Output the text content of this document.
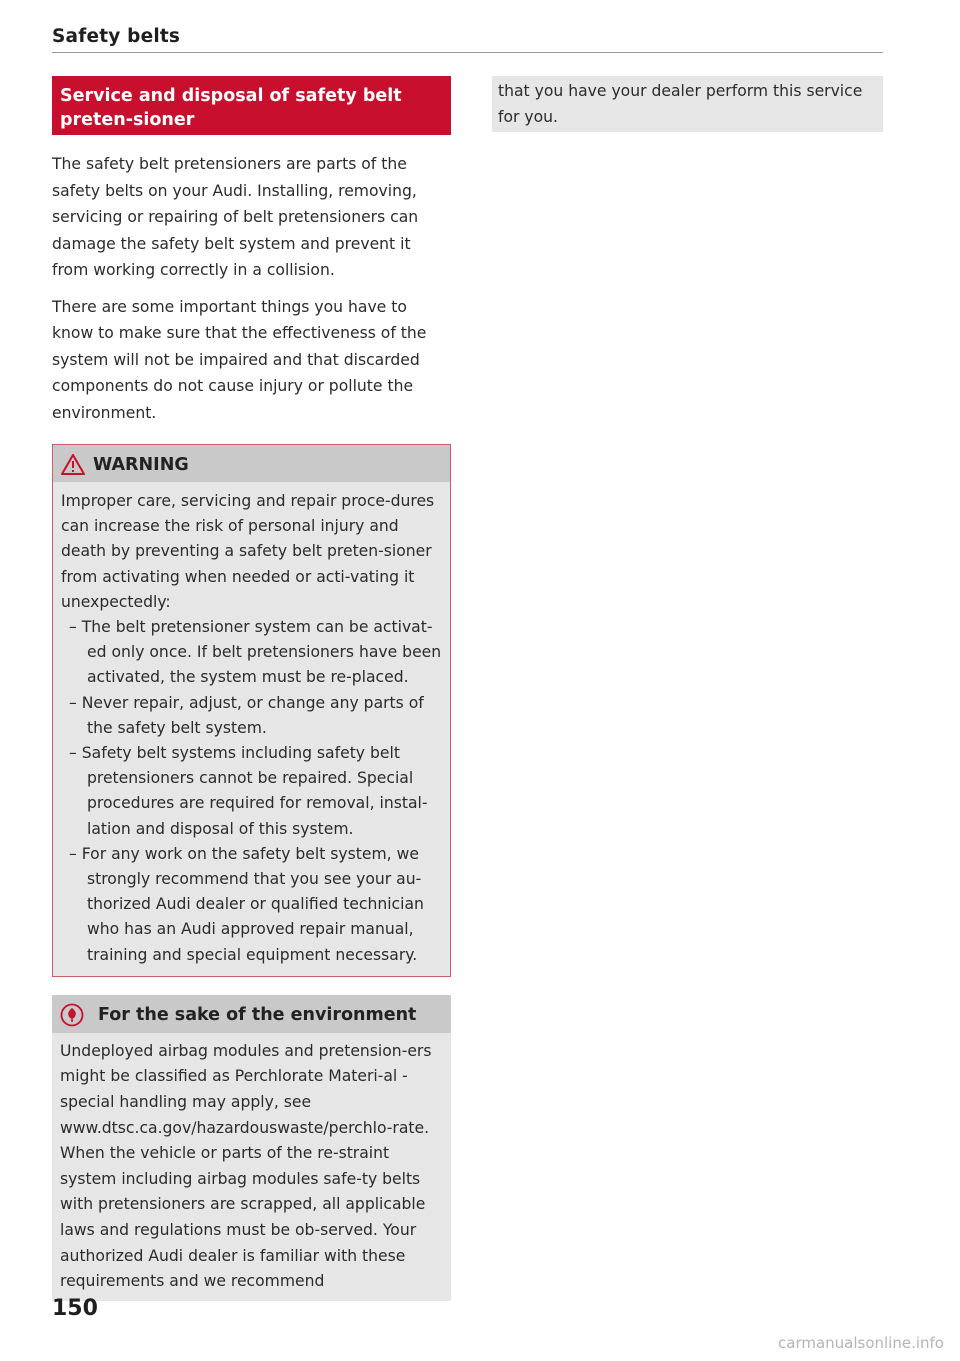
Safety belts
Service and disposal of safety belt preten-sioner

The safety belt pretensioners are parts of the safety belts on your Audi. Installing, removing, servicing or repairing of belt pretensioners can damage the safety belt system and prevent it from working correctly in a collision.

There are some important things you have to know to make sure that the effectiveness of the system will not be impaired and that discarded components do not cause injury or pollute the environment.

WARNING

Improper care, servicing and repair proce-dures can increase the risk of personal injury and death by preventing a safety belt preten-sioner from activating when needed or acti-vating it unexpectedly:

– The belt pretensioner system can be activat-ed only once. If belt pretensioners have been activated, the system must be re-placed.
– Never repair, adjust, or change any parts of the safety belt system.
– Safety belt systems including safety belt pretensioners cannot be repaired. Special procedures are required for removal, instal-lation and disposal of this system.
– For any work on the safety belt system, we strongly recommend that you see your au-thorized Audi dealer or qualified technician who has an Audi approved repair manual, training and special equipment necessary.
For the sake of the environment

Undeployed airbag modules and pretension-ers might be classified as Perchlorate Materi-al -special handling may apply, see www.dtsc.ca.gov/hazardouswaste/perchlo-rate. When the vehicle or parts of the re-straint system including airbag modules safe-ty belts with pretensioners are scrapped, all applicable laws and regulations must be ob-served. Your authorized Audi dealer is familiar with these requirements and we recommend

that you have your dealer perform this service for you.

150
carmanualsonline.info
